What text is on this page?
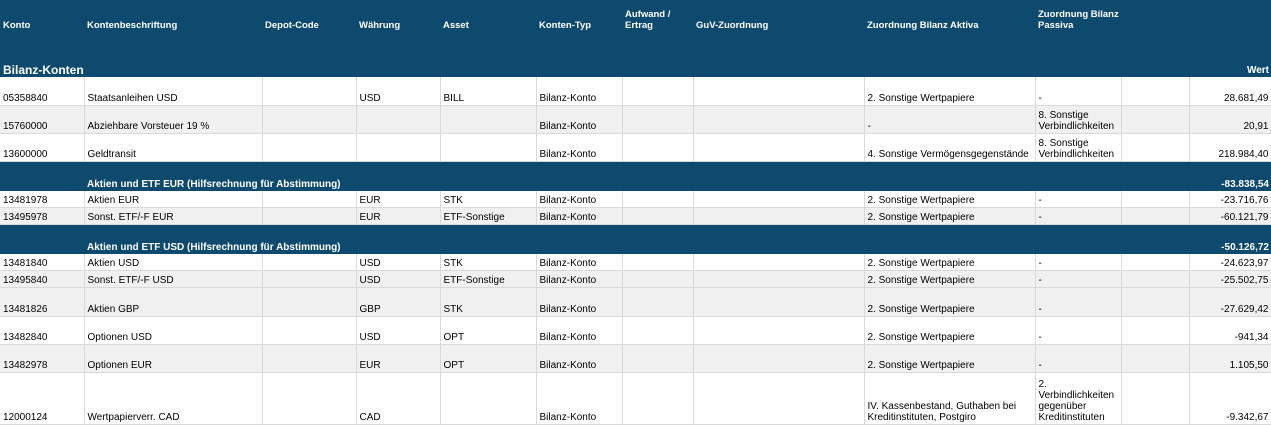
Konto	Kontenbeschriftung	Depot-Code	Währung	Asset	Konten-Typ	Aufwand / Ertrag	GuV-Zuordnung	Zuordnung Bilanz Aktiva	Zuordnung Bilanz Passiva		

Bilanz-Konten											Wert
05358840	Staatsanleihen USD		USD	BILL	Bilanz-Konto			2. Sonstige Wertpapiere	-		28.681,49
15760000	Abziehbare Vorsteuer 19 %				Bilanz-Konto			-	8. Sonstige Verbindlichkeiten		20,91
13600000	Geldtransit				Bilanz-Konto			4. Sonstige Vermögensgegenstände	8. Sonstige Verbindlichkeiten		218.984,40
	Aktien und ETF EUR (Hilfsrechnung für Abstimmung)										-83.838,54
13481978	Aktien EUR		EUR	STK	Bilanz-Konto			2. Sonstige Wertpapiere	-		-23.716,76
13495978	Sonst. ETF/-F EUR		EUR	ETF-Sonstige	Bilanz-Konto			2. Sonstige Wertpapiere	-		-60.121,79
	Aktien und ETF USD (Hilfsrechnung für Abstimmung)										-50.126,72
13481840	Aktien USD		USD	STK	Bilanz-Konto			2. Sonstige Wertpapiere	-		-24.623,97
13495840	Sonst. ETF/-F USD		USD	ETF-Sonstige	Bilanz-Konto			2. Sonstige Wertpapiere	-		-25.502,75
13481826	Aktien GBP		GBP	STK	Bilanz-Konto			2. Sonstige Wertpapiere	-		-27.629,42
13482840	Optionen USD		USD	OPT	Bilanz-Konto			2. Sonstige Wertpapiere	-		-941,34
13482978	Optionen EUR		EUR	OPT	Bilanz-Konto			2. Sonstige Wertpapiere	-		1.105,50
12000124	Wertpapierverr. CAD		CAD		Bilanz-Konto			IV. Kassenbestand, Guthaben bei Kreditinstituten, Postgiro	2. Verbindlichkeiten gegenüber Kreditinstituten		-9.342,67
